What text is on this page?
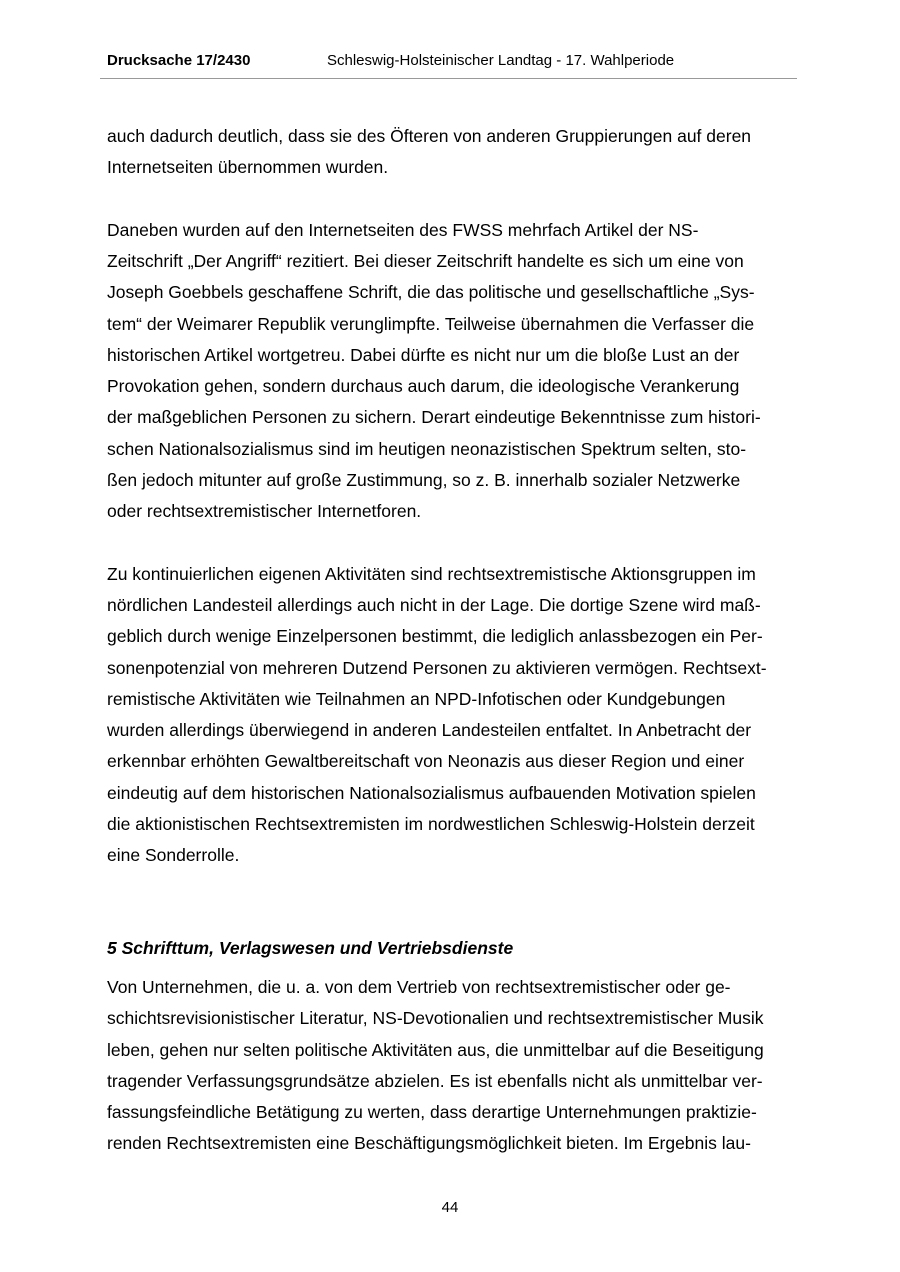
Drucksache 17/2430	Schleswig-Holsteinischer Landtag - 17. Wahlperiode
auch dadurch deutlich, dass sie des Öfteren von anderen Gruppierungen auf deren
Internetseiten übernommen wurden.
Daneben wurden auf den Internetseiten des FWSS mehrfach Artikel der NS-
Zeitschrift „Der Angriff“ rezitiert. Bei dieser Zeitschrift handelte es sich um eine von
Joseph Goebbels geschaffene Schrift, die das politische und gesellschaftliche „Sys-
tem“ der Weimarer Republik verunglimpfte. Teilweise übernahmen die Verfasser die
historischen Artikel wortgetreu. Dabei dürfte es nicht nur um die bloße Lust an der
Provokation gehen, sondern durchaus auch darum, die ideologische Verankerung
der maßgeblichen Personen zu sichern. Derart eindeutige Bekenntnisse zum histori-
schen Nationalsozialismus sind im heutigen neonazistischen Spektrum selten, sto-
ßen jedoch mitunter auf große Zustimmung, so z. B. innerhalb sozialer Netzwerke
oder rechtsextremistischer Internetforen.
Zu kontinuierlichen eigenen Aktivitäten sind rechtsextremistische Aktionsgruppen im
nördlichen Landesteil allerdings auch nicht in der Lage. Die dortige Szene wird maß-
geblich durch wenige Einzelpersonen bestimmt, die lediglich anlassbezogen ein Per-
sonenpotenzial von mehreren Dutzend Personen zu aktivieren vermögen. Rechtsext-
remistische Aktivitäten wie Teilnahmen an NPD-Infotischen oder Kundgebungen
wurden allerdings überwiegend in anderen Landesteilen entfaltet. In Anbetracht der
erkennbar erhöhten Gewaltbereitschaft von Neonazis aus dieser Region und einer
eindeutig auf dem historischen Nationalsozialismus aufbauenden Motivation spielen
die aktionistischen Rechtsextremisten im nordwestlichen Schleswig-Holstein derzeit
eine Sonderrolle.
5 Schrifttum, Verlagswesen und Vertriebsdienste
Von Unternehmen, die u. a. von dem Vertrieb von rechtsextremistischer oder ge-
schichtsrevisionistischer Literatur, NS-Devotionalien und rechtsextremistischer Musik
leben, gehen nur selten politische Aktivitäten aus, die unmittelbar auf die Beseitigung
tragender Verfassungsgrundsätze abzielen. Es ist ebenfalls nicht als unmittelbar ver-
fassungsfeindliche Betätigung zu werten, dass derartige Unternehmungen praktizie-
renden Rechtsextremisten eine Beschäftigungsmöglichkeit bieten. Im Ergebnis lau-
44
